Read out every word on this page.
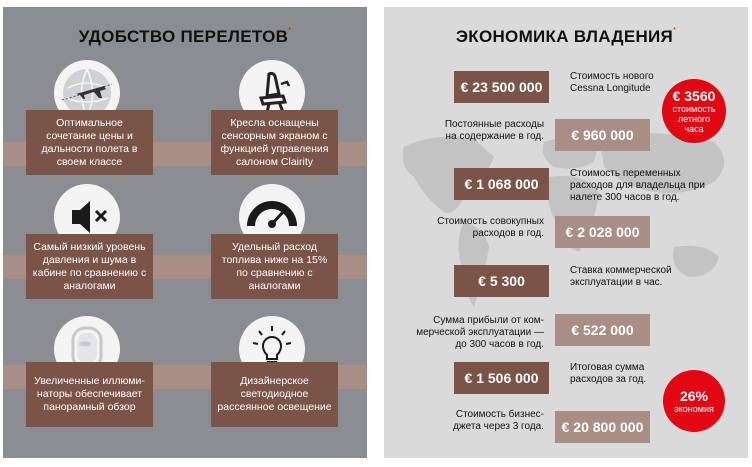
УДОБСТВО ПЕРЕЛЕТОВ*
Оптимальное сочетание цены и дальности полета в своем классе
Кресла оснащены сенсорным экраном с функцией управления салоном Clairity
Самый низкий уровень давления и шума в кабине по сравнению с аналогами
Удельный расход топлива ниже на 15% по сравнению с аналогами
Увеличенные иллюми-наторы обеспечивает панорамный обзор
Дизайнерское светодиодное рассеянное освещение
ЭКОНОМИКА ВЛАДЕНИЯ*
€ 23 500 000
Стоимость нового Cessna Longitude	€ 3560
стоимость летного часа
Постоянные расходы на содержание в год. € 960 000
€ 1 068 000
Стоимость переменных расходов для владельца при налете 300 часов в год.
Стоимость совокупных расходов в год. € 2 028 000
€ 5 300
Ставка коммерческой эксплуатации в час.
Сумма прибыли от ком-мерческой эксплуатации — до 300 часов в год.
€ 522 000
€ 1 506 000
Итоговая сумма расходов за год.
26%
экономия
Стоимость бизнес-джета через 3 года. € 20 800 000
